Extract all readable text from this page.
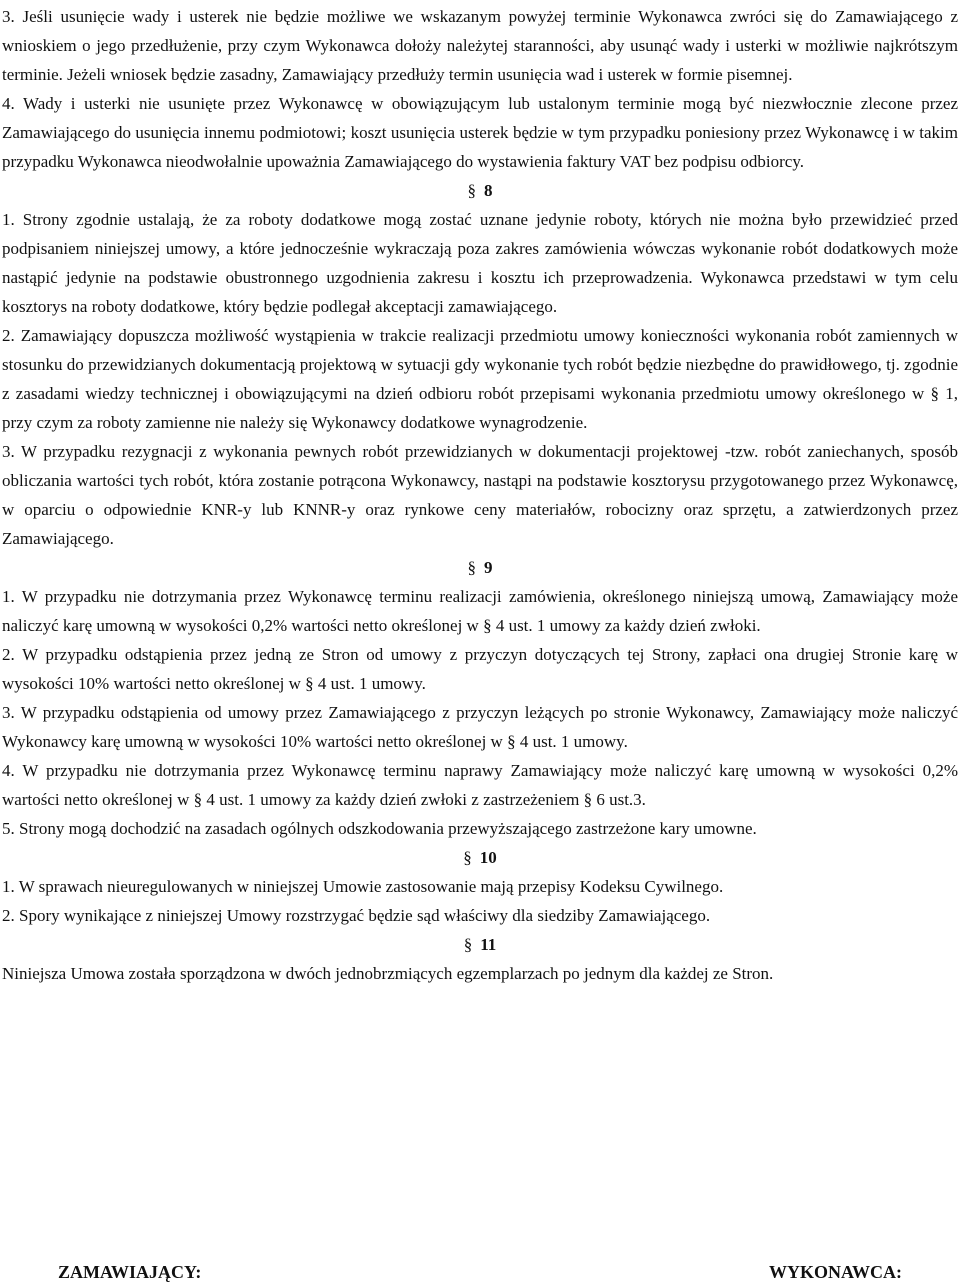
3. Jeśli usunięcie wady i usterek nie będzie możliwe we wskazanym powyżej terminie Wykonawca zwróci się do Zamawiającego z wnioskiem o jego przedłużenie, przy czym Wykonawca dołoży należytej staranności, aby usunąć wady i usterki w możliwie najkrótszym terminie. Jeżeli wniosek będzie zasadny, Zamawiający przedłuży termin usunięcia wad i usterek w formie pisemnej.

4. Wady i usterki nie usunięte przez Wykonawcę w obowiązującym lub ustalonym terminie mogą być niezwłocznie zlecone przez Zamawiającego do usunięcia innemu podmiotowi; koszt usunięcia usterek będzie w tym przypadku poniesiony przez Wykonawcę i w takim przypadku Wykonawca nieodwołalnie upoważnia Zamawiającego do wystawienia faktury VAT bez podpisu odbiorcy.

§ 8

1. Strony zgodnie ustalają, że za roboty dodatkowe mogą zostać uznane jedynie roboty, których nie można było przewidzieć przed podpisaniem niniejszej umowy, a które jednocześnie wykraczają poza zakres zamówienia wówczas wykonanie robót dodatkowych może nastąpić jedynie na podstawie obustronnego uzgodnienia zakresu i kosztu ich przeprowadzenia. Wykonawca przedstawi w tym celu kosztorys na roboty dodatkowe, który będzie podlegał akceptacji zamawiającego.

2. Zamawiający dopuszcza możliwość wystąpienia w trakcie realizacji przedmiotu umowy konieczności wykonania robót zamiennych w stosunku do przewidzianych dokumentacją projektową w sytuacji gdy wykonanie tych robót będzie niezbędne do prawidłowego, tj. zgodnie z zasadami wiedzy technicznej i obowiązującymi na dzień odbioru robót przepisami wykonania przedmiotu umowy określonego w § 1, przy czym za roboty zamienne nie należy się Wykonawcy dodatkowe wynagrodzenie.

3. W przypadku rezygnacji z wykonania pewnych robót przewidzianych w dokumentacji projektowej -tzw. robót zaniechanych, sposób obliczania wartości tych robót, która zostanie potrącona Wykonawcy, nastąpi na podstawie kosztorysu przygotowanego przez Wykonawcę, w oparciu o odpowiednie KNR-y lub KNNR-y oraz rynkowe ceny materiałów, robocizny oraz sprzętu, a zatwierdzonych przez Zamawiającego.

§ 9

1. W przypadku nie dotrzymania przez Wykonawcę terminu realizacji zamówienia, określonego niniejszą umową, Zamawiający może naliczyć karę umowną w wysokości 0,2% wartości netto określonej w § 4 ust. 1 umowy za każdy dzień zwłoki.

2. W przypadku odstąpienia przez jedną ze Stron od umowy z przyczyn dotyczących tej Strony, zapłaci ona drugiej Stronie karę w wysokości 10% wartości netto określonej w § 4 ust. 1 umowy.

3. W przypadku odstąpienia od umowy przez Zamawiającego z przyczyn leżących po stronie Wykonawcy, Zamawiający może naliczyć Wykonawcy karę umowną w wysokości 10% wartości netto określonej w § 4 ust. 1 umowy.

4. W przypadku nie dotrzymania przez Wykonawcę terminu naprawy Zamawiający może naliczyć karę umowną w wysokości 0,2% wartości netto określonej w § 4 ust. 1 umowy za każdy dzień zwłoki z zastrzeżeniem § 6 ust.3.

5. Strony mogą dochodzić na zasadach ogólnych odszkodowania przewyższającego zastrzeżone kary umowne.

§ 10

1. W sprawach nieuregulowanych w niniejszej Umowie zastosowanie mają przepisy Kodeksu Cywilnego.

2. Spory wynikające z niniejszej Umowy rozstrzygać będzie sąd właściwy dla siedziby Zamawiającego.

§ 11

Niniejsza Umowa została sporządzona w dwóch jednobrzmiących egzemplarzach po jednym dla każdej ze Stron.

ZAMAWIAJĄCY:	WYKONAWCA:
